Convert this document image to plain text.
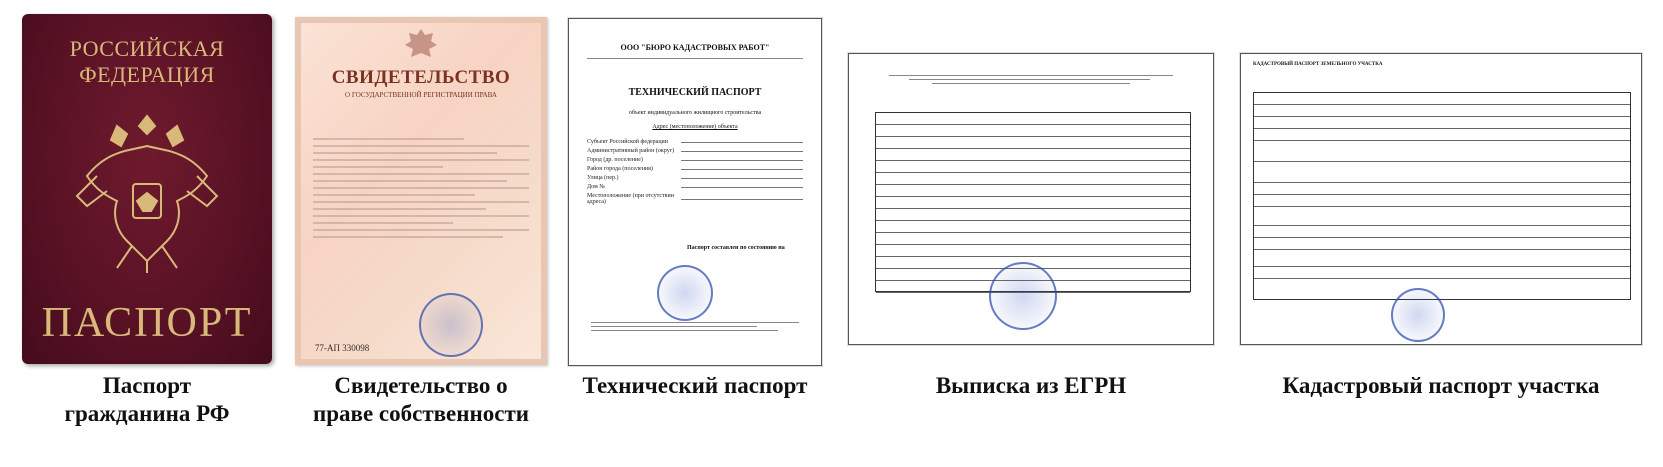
РОССИЙСКАЯ
ФЕДЕРАЦИЯ
ПАСПОРТ
Паспорт
гражданина РФ
СВИДЕТЕЛЬСТВО
О ГОСУДАРСТВЕННОЙ РЕГИСТРАЦИИ ПРАВА
77-АП 330098
Свидетельство о
праве собственности
ООО "БЮРО КАДАСТРОВЫХ РАБОТ"
ТЕХНИЧЕСКИЙ ПАСПОРТ
объект индивидуального жилищного строительства
Адрес (местоположение) объекта
Субъект Российской федерации
Административный район (округ)
Город (др. поселение)
Район города (поселения)
Улица (пер.)
Дом №
Местоположение (при отсутствии адреса)
Паспорт составлен по состоянию на
Технический паспорт	Выписка из ЕГРН
КАДАСТРОВЫЙ ПАСПОРТ ЗЕМЕЛЬНОГО УЧАСТКА
Кадастровый паспорт участка
